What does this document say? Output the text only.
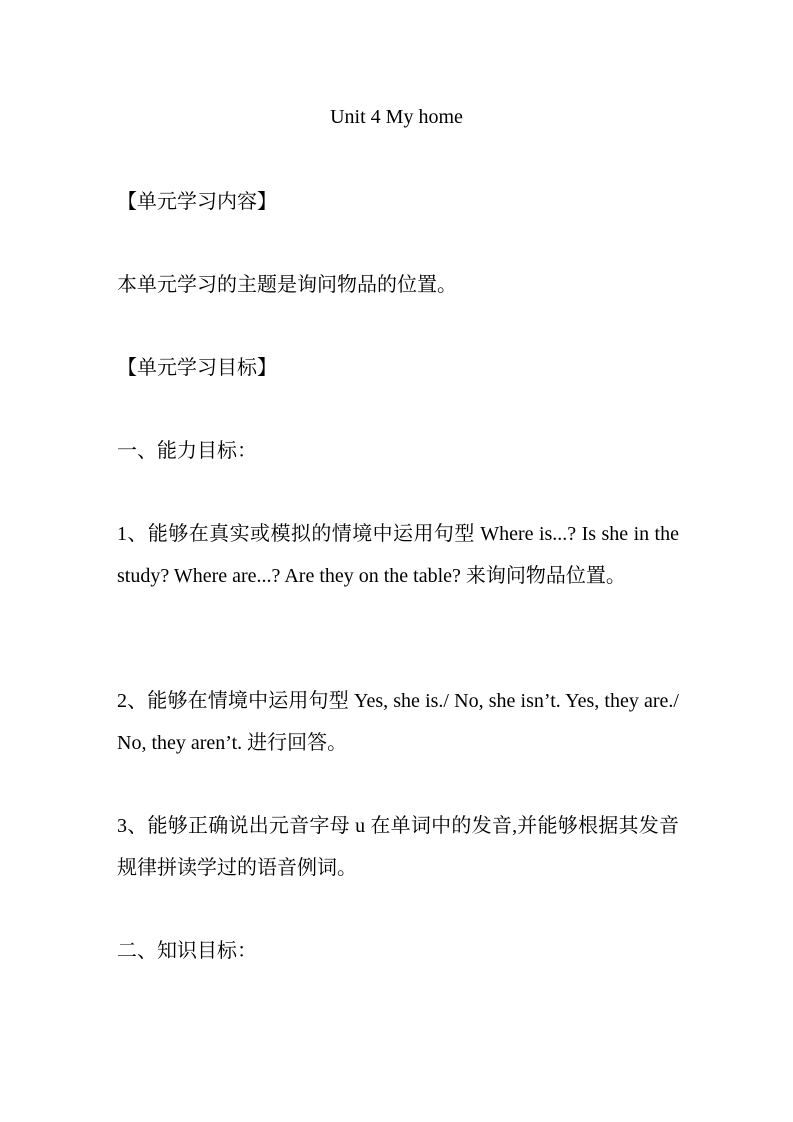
Unit 4 My home

【单元学习内容】

本单元学习的主题是询问物品的位置。

【单元学习目标】

一、能力目标：

1、能够在真实或模拟的情境中运用句型 Where is...? Is she in the study? Where are...? Are they on the table? 来询问物品位置。

2、能够在情境中运用句型 Yes, she is./ No, she isn’t. Yes, they are./ No, they aren’t. 进行回答。

3、能够正确说出元音字母 u 在单词中的发音,并能够根据其发音规律拼读学过的语音例词。

二、知识目标：
